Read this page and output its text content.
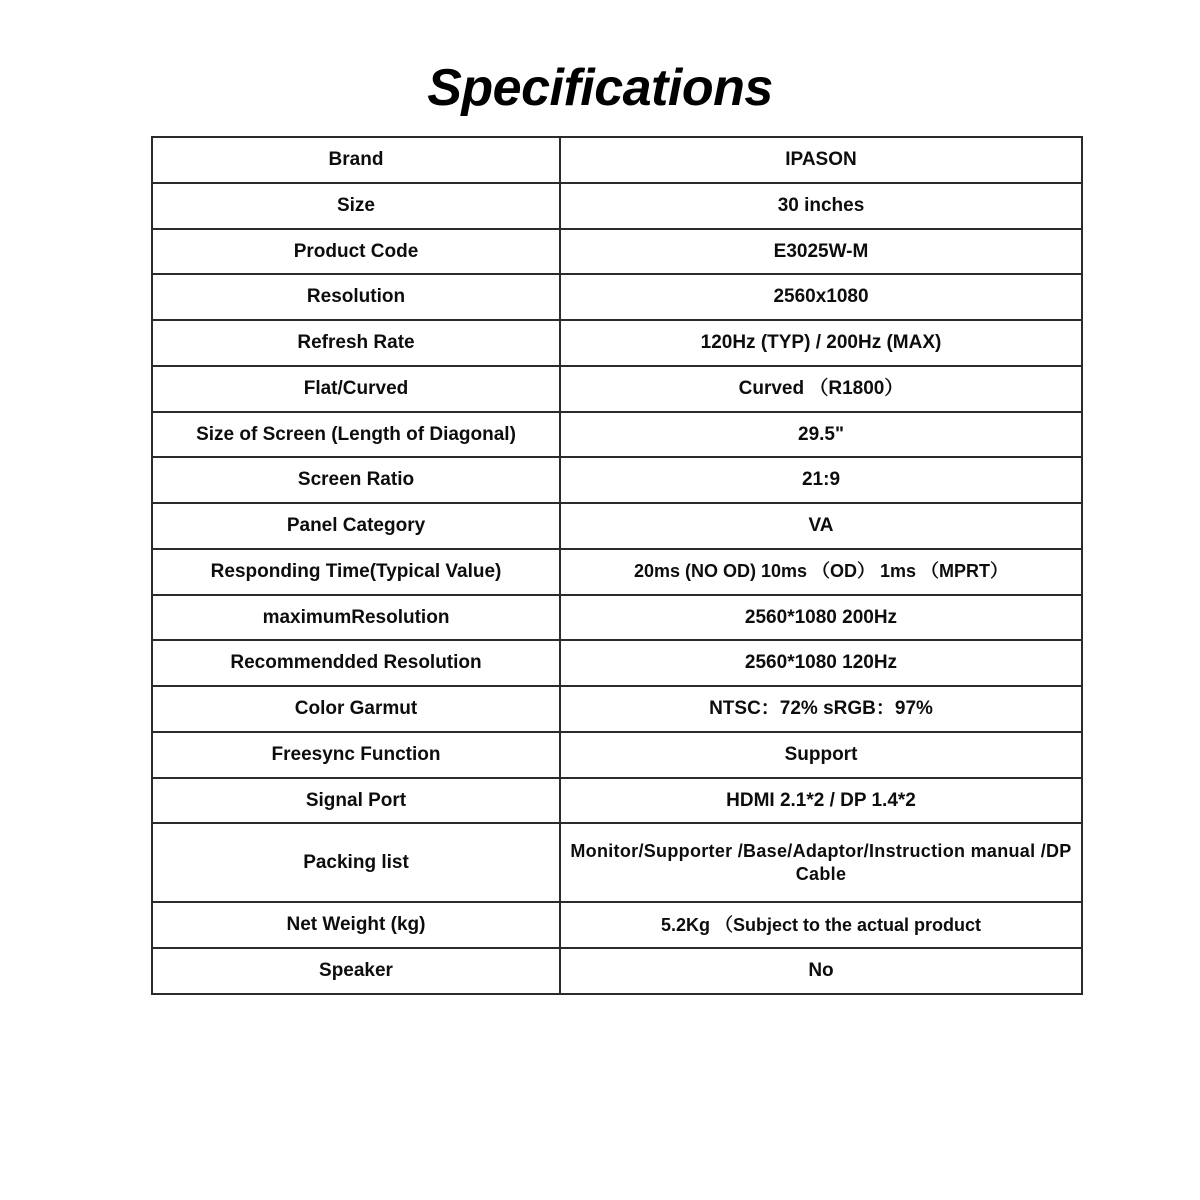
Specifications
Brand	IPASON
Size	30 inches
Product Code	E3025W-M
Resolution	2560x1080
Refresh Rate	120Hz (TYP) / 200Hz (MAX)
Flat/Curved	Curved （R1800）
Size of Screen (Length of Diagonal)	29.5"
Screen Ratio	21:9
Panel Category	VA
Responding Time(Typical Value)	20ms (NO OD) 10ms （OD） 1ms （MPRT）
maximumResolution	2560*1080 200Hz
Recommendded Resolution	2560*1080 120Hz
Color Garmut	NTSC：72% sRGB：97%
Freesync Function	Support
Signal Port	HDMI 2.1*2 / DP 1.4*2
Packing list	Monitor/Supporter /Base/Adaptor/Instruction manual /DP Cable
Net Weight (kg)	5.2Kg （Subject to the actual product
Speaker	No
